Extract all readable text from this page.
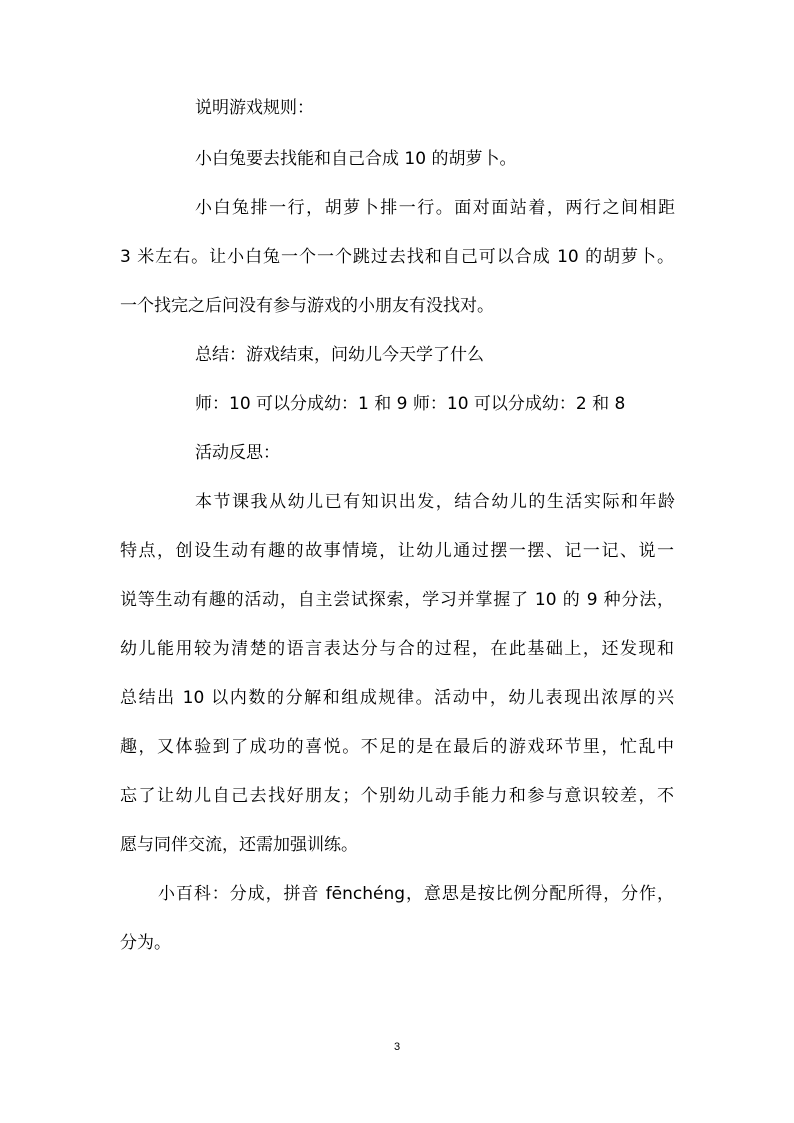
说明游戏规则：
小白兔要去找能和自己合成 10 的胡萝卜。
小白兔排一行，胡萝卜排一行。面对面站着，两行之间相距
3 米左右。让小白兔一个一个跳过去找和自己可以合成 10 的胡萝卜。
一个找完之后问没有参与游戏的小朋友有没找对。
总结：游戏结束，问幼儿今天学了什么
师：10 可以分成幼：1 和 9 师：10 可以分成幼：2 和 8
活动反思：
本节课我从幼儿已有知识出发，结合幼儿的生活实际和年龄
特点，创设生动有趣的故事情境，让幼儿通过摆一摆、记一记、说一
说等生动有趣的活动，自主尝试探索，学习并掌握了 10 的 9 种分法，
幼儿能用较为清楚的语言表达分与合的过程，在此基础上，还发现和
总结出 10 以内数的分解和组成规律。活动中，幼儿表现出浓厚的兴
趣，又体验到了成功的喜悦。不足的是在最后的游戏环节里，忙乱中
忘了让幼儿自己去找好朋友；个别幼儿动手能力和参与意识较差，不
愿与同伴交流，还需加强训练。
小百科：分成，拼音 fēnchéng，意思是按比例分配所得，分作，
分为。
3
